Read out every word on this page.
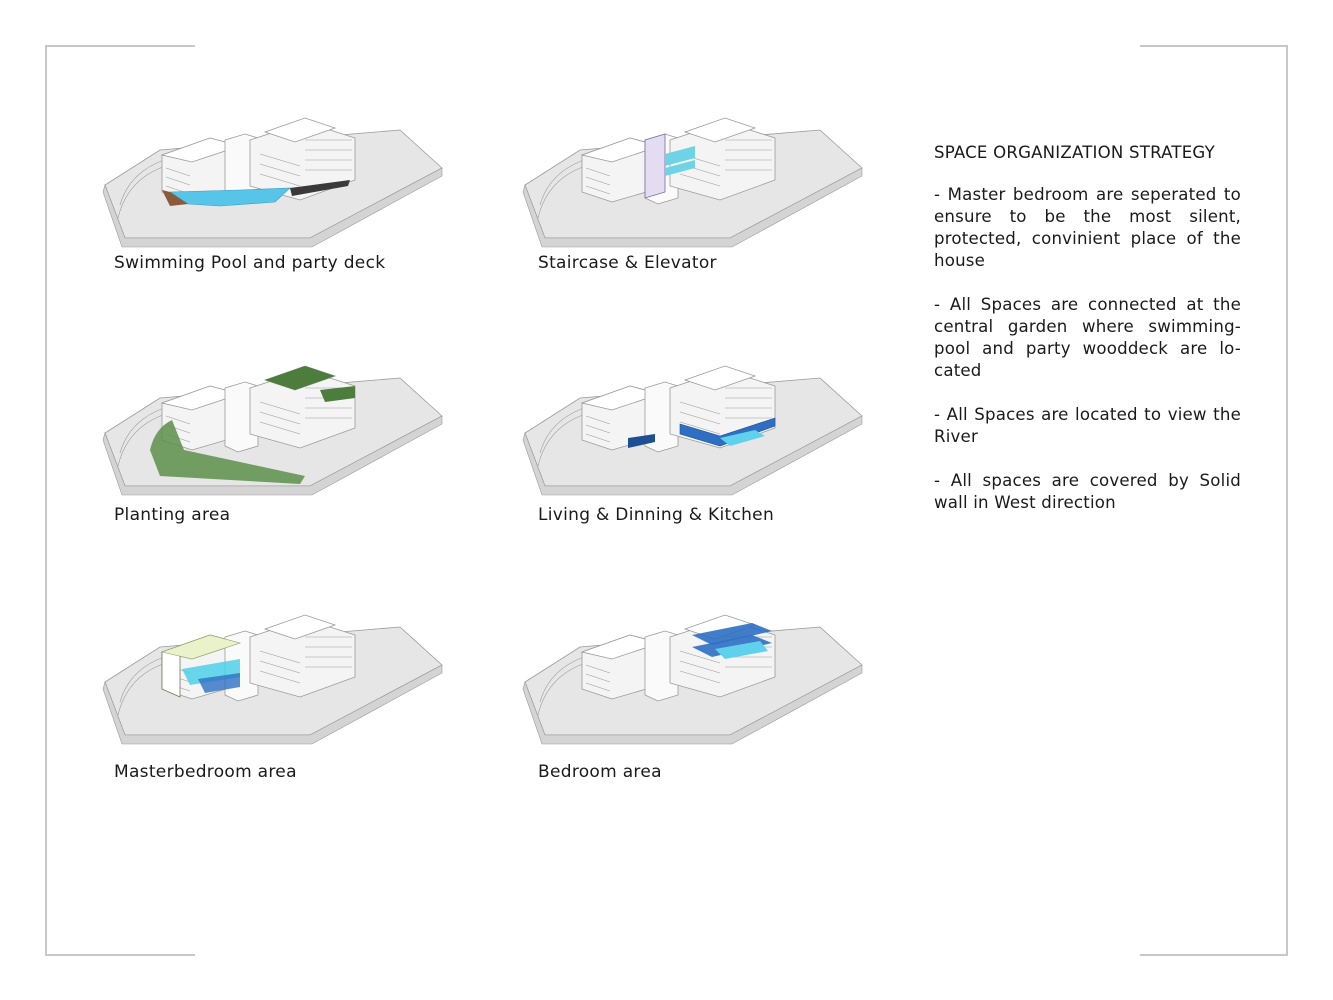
Swimming Pool and party deck	Staircase & Elevator
Planting area	Living & Dinning & Kitchen
Masterbedroom area	Bedroom area
SPACE ORGANIZATION STRATEGY

- Master bedroom are seperated to ensure to be the most silent, protected, convinient place of the house

- All Spaces are connected at the central garden where swimming-pool and party wooddeck are lo-cated

- All Spaces are located to view the River

- All spaces are covered by Solid wall in West direction
